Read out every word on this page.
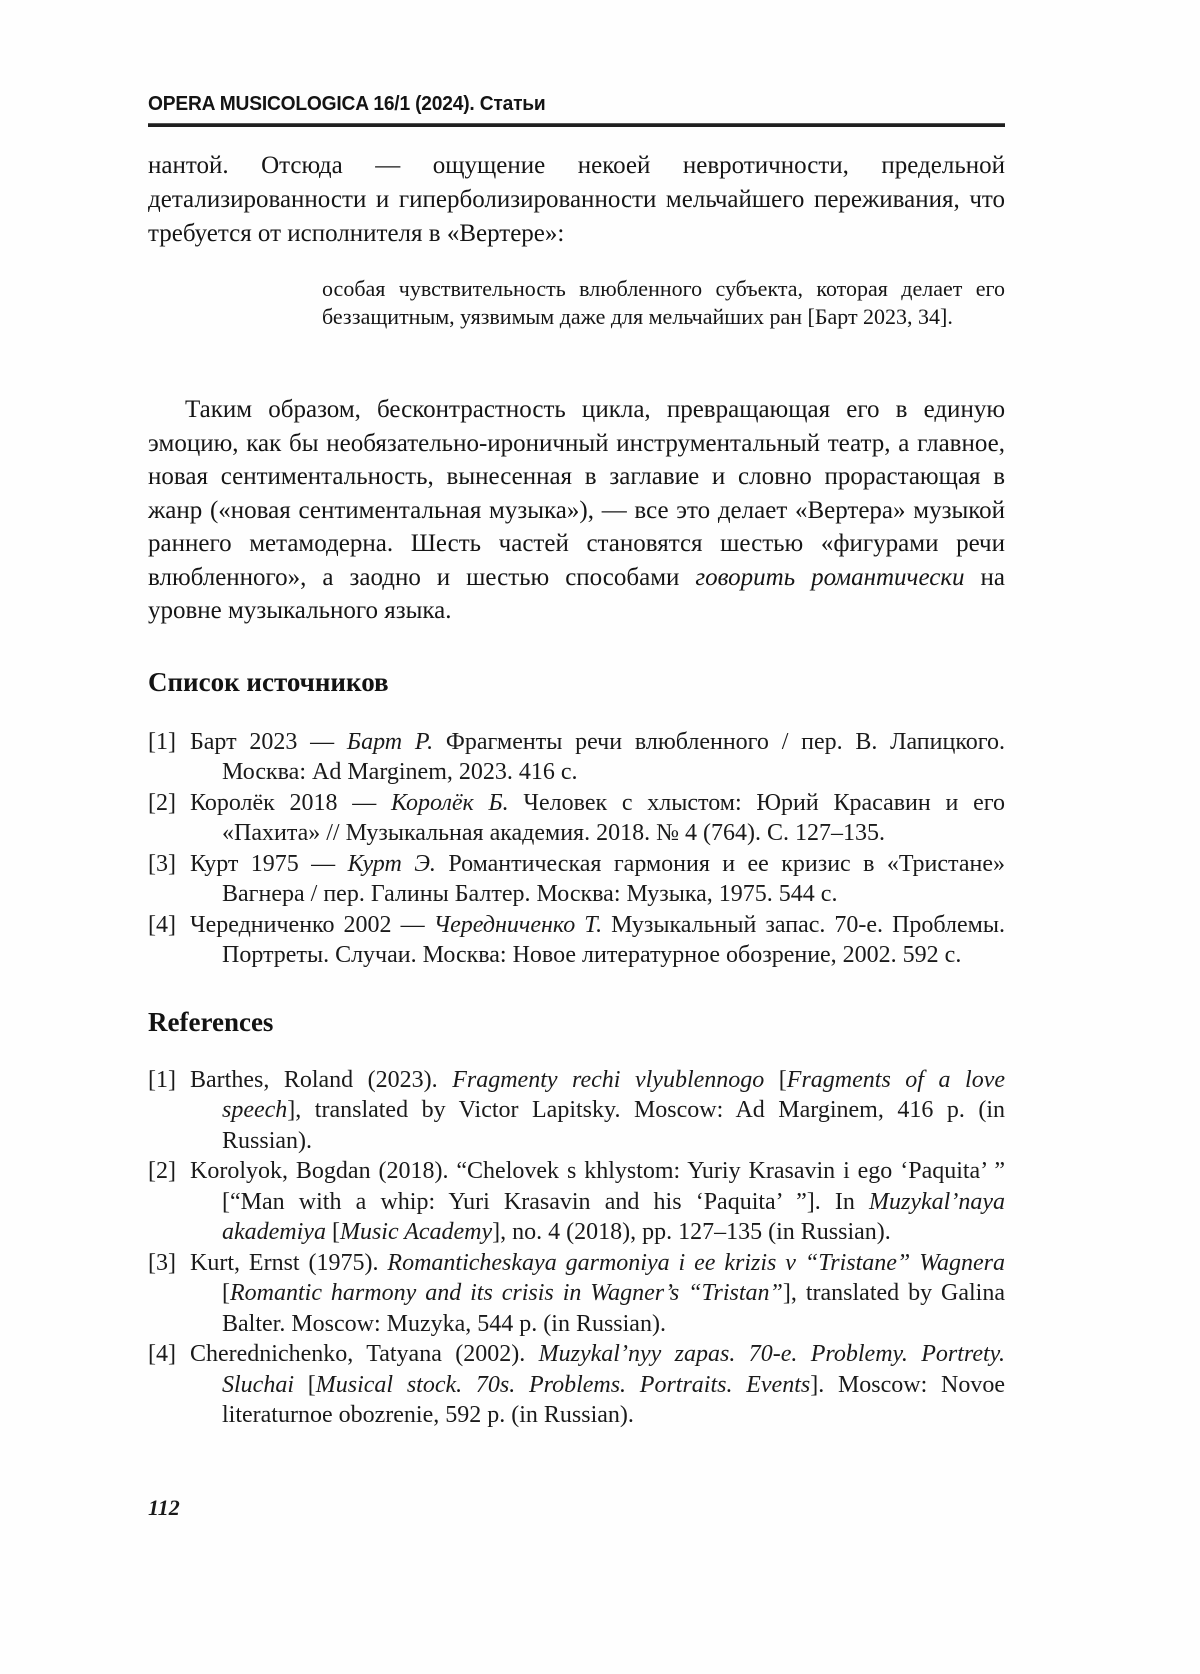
OPERA MUSICOLOGICA 16/1 (2024). Статьи

нантой. Отсюда — ощущение некоей невротичности, предельной детализированности и гиперболизированности мельчайшего переживания, что требуется от исполнителя в «Вертере»:

особая чувствительность влюбленного субъекта, которая делает его беззащитным, уязвимым даже для мельчайших ран [Барт 2023, 34].

Таким образом, бесконтрастность цикла, превращающая его в единую эмоцию, как бы необязательно-ироничный инструментальный театр, а главное, новая сентиментальность, вынесенная в заглавие и словно прорастающая в жанр («новая сентиментальная музыка»), — все это делает «Вертера» музыкой раннего метамодерна. Шесть частей становятся шестью «фигурами речи влюбленного», а заодно и шестью способами говорить романтически на уровне музыкального языка.

Список источников
[1] Барт 2023 — Барт Р. Фрагменты речи влюбленного / пер. В. Лапицкого. Москва: Ad Marginem, 2023. 416 с.
[2] Королёк 2018 — Королёк Б. Человек с хлыстом: Юрий Красавин и его «Пахита» // Музыкальная академия. 2018. № 4 (764). С. 127–135.
[3] Курт 1975 — Курт Э. Романтическая гармония и ее кризис в «Тристане» Вагнера / пер. Галины Балтер. Москва: Музыка, 1975. 544 с.
[4] Чередниченко 2002 — Чередниченко Т. Музыкальный запас. 70-е. Проблемы. Портреты. Случаи. Москва: Новое литературное обозрение, 2002. 592 с.
References
[1] Barthes, Roland (2023). Fragmenty rechi vlyublennogo [Fragments of a love speech], translated by Victor Lapitsky. Moscow: Ad Marginem, 416 p. (in Russian).
[2] Korolyok, Bogdan (2018). “Chelovek s khlystom: Yuriy Krasavin i ego ‘Paquita’ ” [“Man with a whip: Yuri Krasavin and his ‘Paquita’ ”]. In Muzykal’naya akademiya [Music Academy], no. 4 (2018), pp. 127–135 (in Russian).
[3] Kurt, Ernst (1975). Romanticheskaya garmoniya i ee krizis v “Tristane” Wagnera [Romantic harmony and its crisis in Wagner’s “Tristan”], translated by Galina Balter. Moscow: Muzyka, 544 p. (in Russian).
[4] Cherednichenko, Tatyana (2002). Muzykal’nyy zapas. 70-e. Problemy. Portrety. Sluchai [Musical stock. 70s. Problems. Portraits. Events]. Moscow: Novoe literaturnoe obozrenie, 592 p. (in Russian).
112
